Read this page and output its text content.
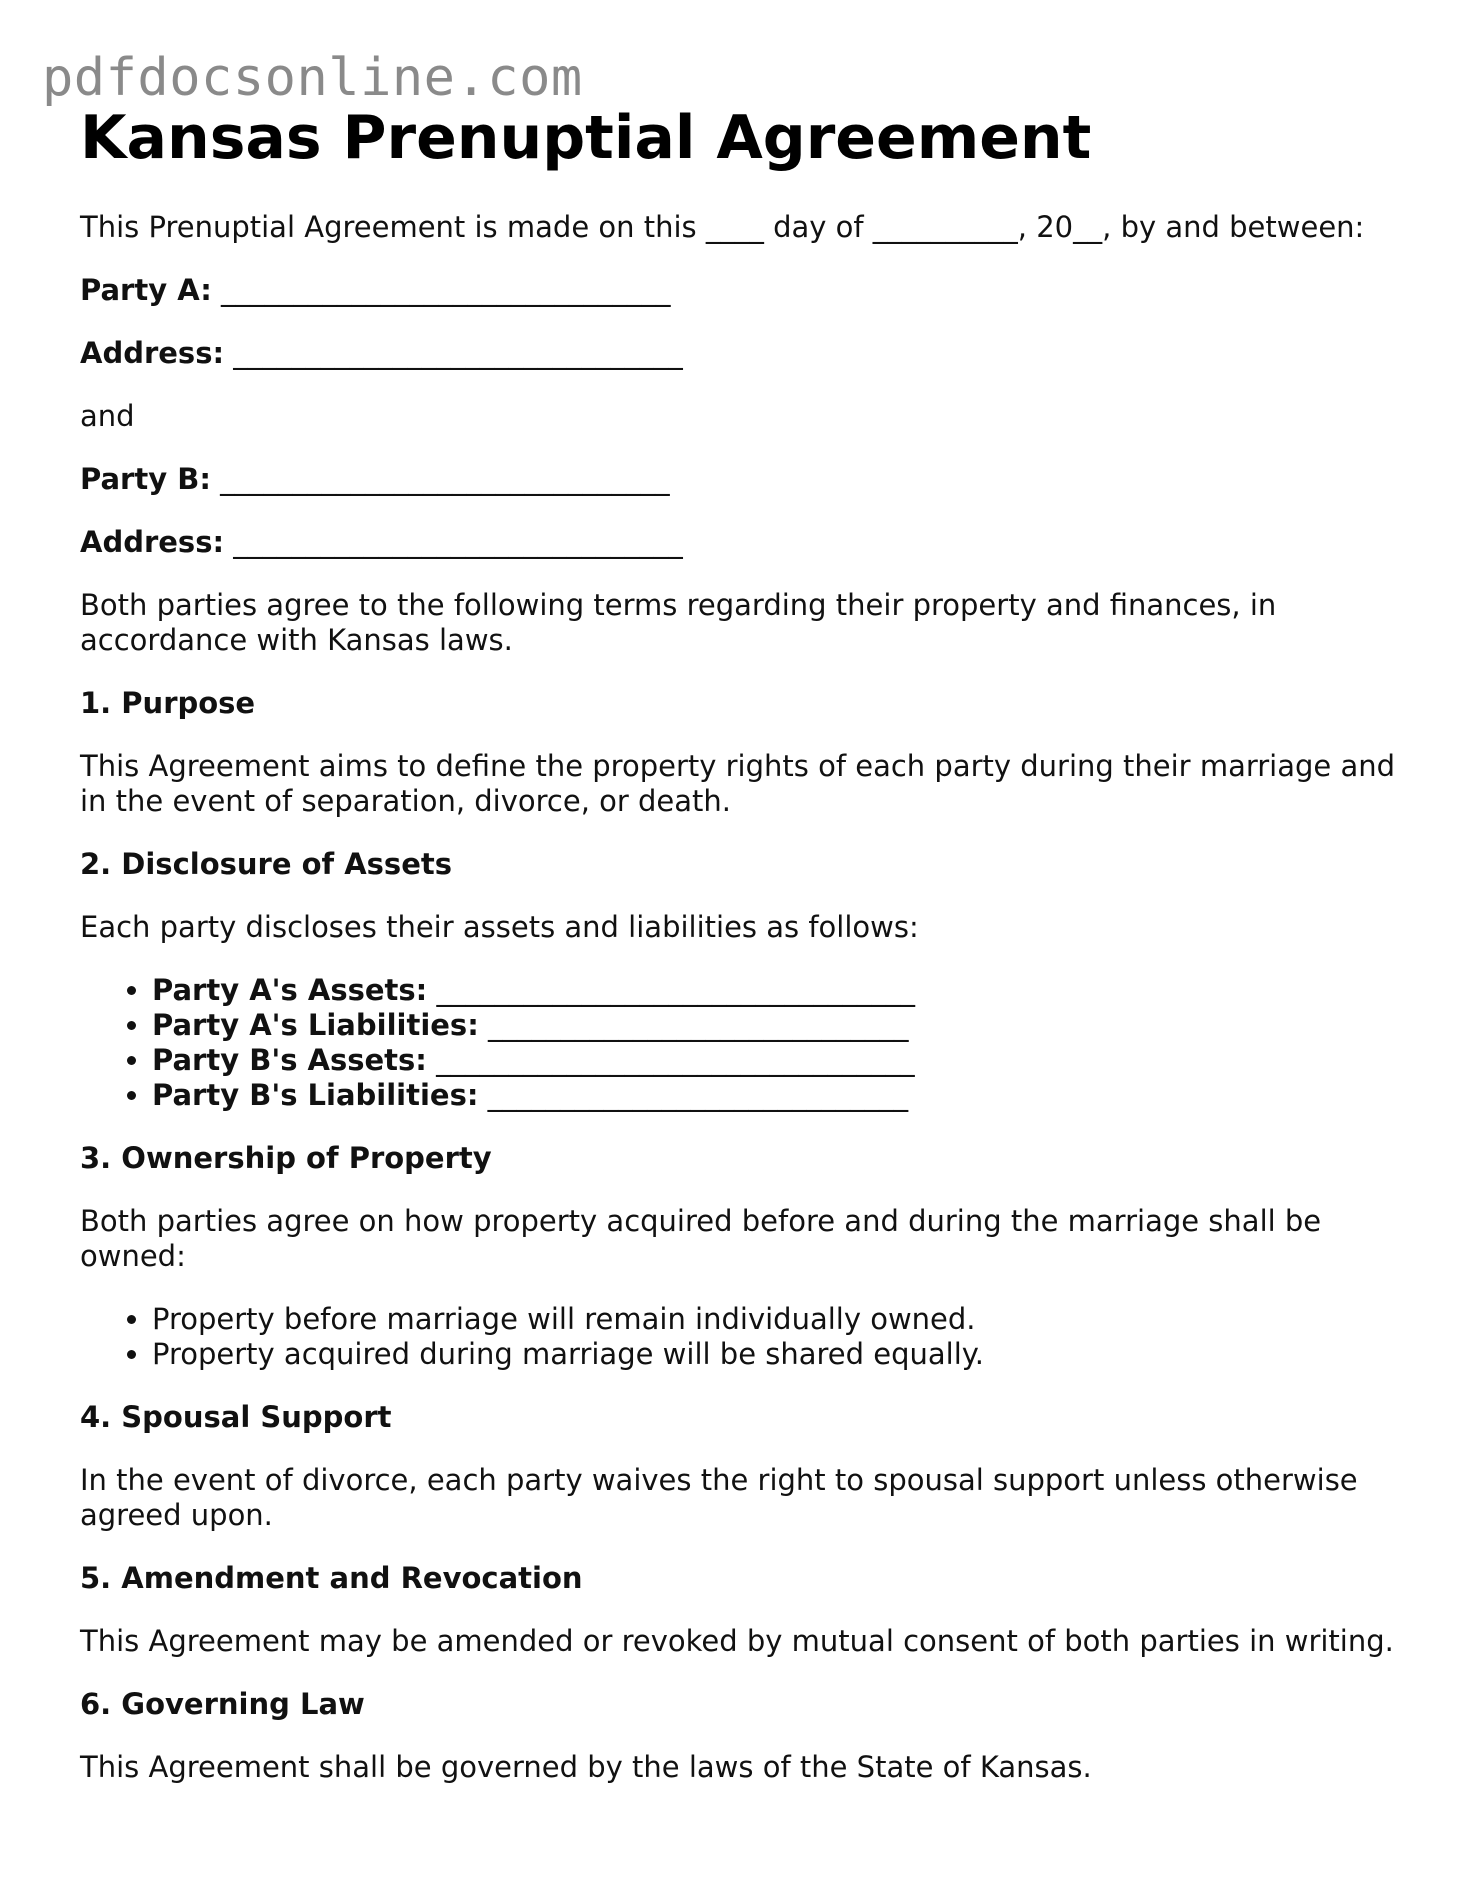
pdfdocsonline.com
Kansas Prenuptial Agreement

This Prenuptial Agreement is made on this ____ day of __________, 20__, by and between:

Party A: _______________________________

Address: _______________________________

and

Party B: _______________________________

Address: _______________________________

Both parties agree to the following terms regarding their property and finances, in accordance with Kansas laws.

1. Purpose

This Agreement aims to define the property rights of each party during their marriage and in the event of separation, divorce, or death.

2. Disclosure of Assets

Each party discloses their assets and liabilities as follows:

• Party A's Assets: _________________________________
• Party A's Liabilities: _____________________________
• Party B's Assets: _________________________________
• Party B's Liabilities: _____________________________
3. Ownership of Property

Both parties agree on how property acquired before and during the marriage shall be owned:

• Property before marriage will remain individually owned.
• Property acquired during marriage will be shared equally.
4. Spousal Support

In the event of divorce, each party waives the right to spousal support unless otherwise agreed upon.

5. Amendment and Revocation

This Agreement may be amended or revoked by mutual consent of both parties in writing.

6. Governing Law

This Agreement shall be governed by the laws of the State of Kansas.
